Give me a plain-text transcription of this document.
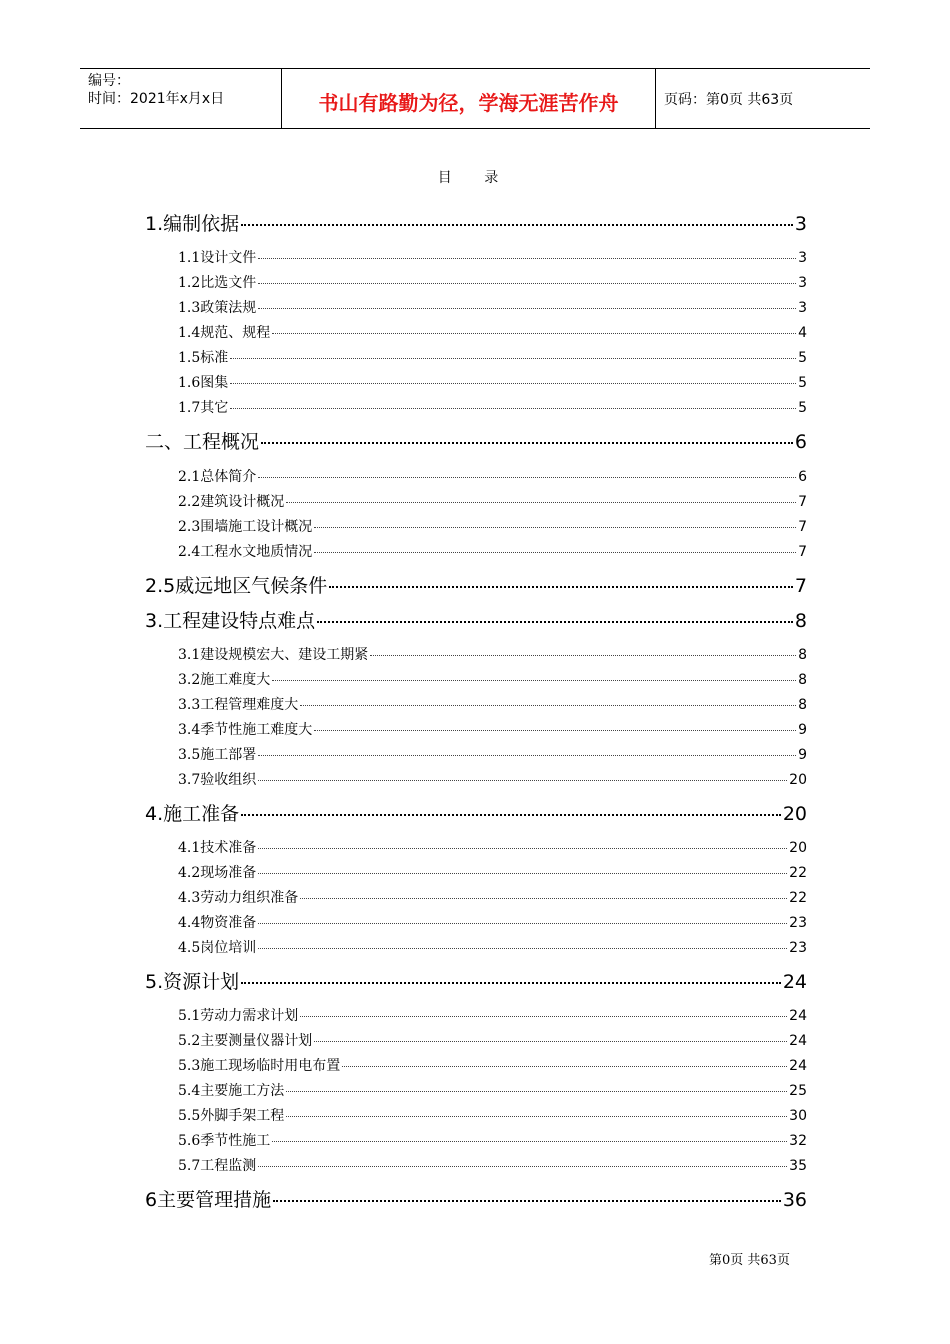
编号：
时间：2021年x月x日	书山有路勤为径，学海无涯苦作舟	页码：第0页 共63页
目 录
1.编制依据	3
1.1设计文件	3
1.2比选文件	3
1.3政策法规	3
1.4规范、规程	4
1.5标准	5
1.6图集	5
1.7其它	5
二、工程概况	6
2.1总体简介	6
2.2建筑设计概况	7
2.3围墙施工设计概况	7
2.4工程水文地质情况	7
2.5威远地区气候条件	7
3.工程建设特点难点	8
3.1建设规模宏大、建设工期紧	8
3.2施工难度大	8
3.3工程管理难度大	8
3.4季节性施工难度大	9
3.5施工部署	9
3.7验收组织	20
4.施工准备	20
4.1技术准备	20
4.2现场准备	22
4.3劳动力组织准备	22
4.4物资准备	23
4.5岗位培训	23
5.资源计划	24
5.1劳动力需求计划	24
5.2主要测量仪器计划	24
5.3施工现场临时用电布置	24
5.4主要施工方法	25
5.5外脚手架工程	30
5.6季节性施工	32
5.7工程监测	35
6主要管理措施	36
第0页 共63页
